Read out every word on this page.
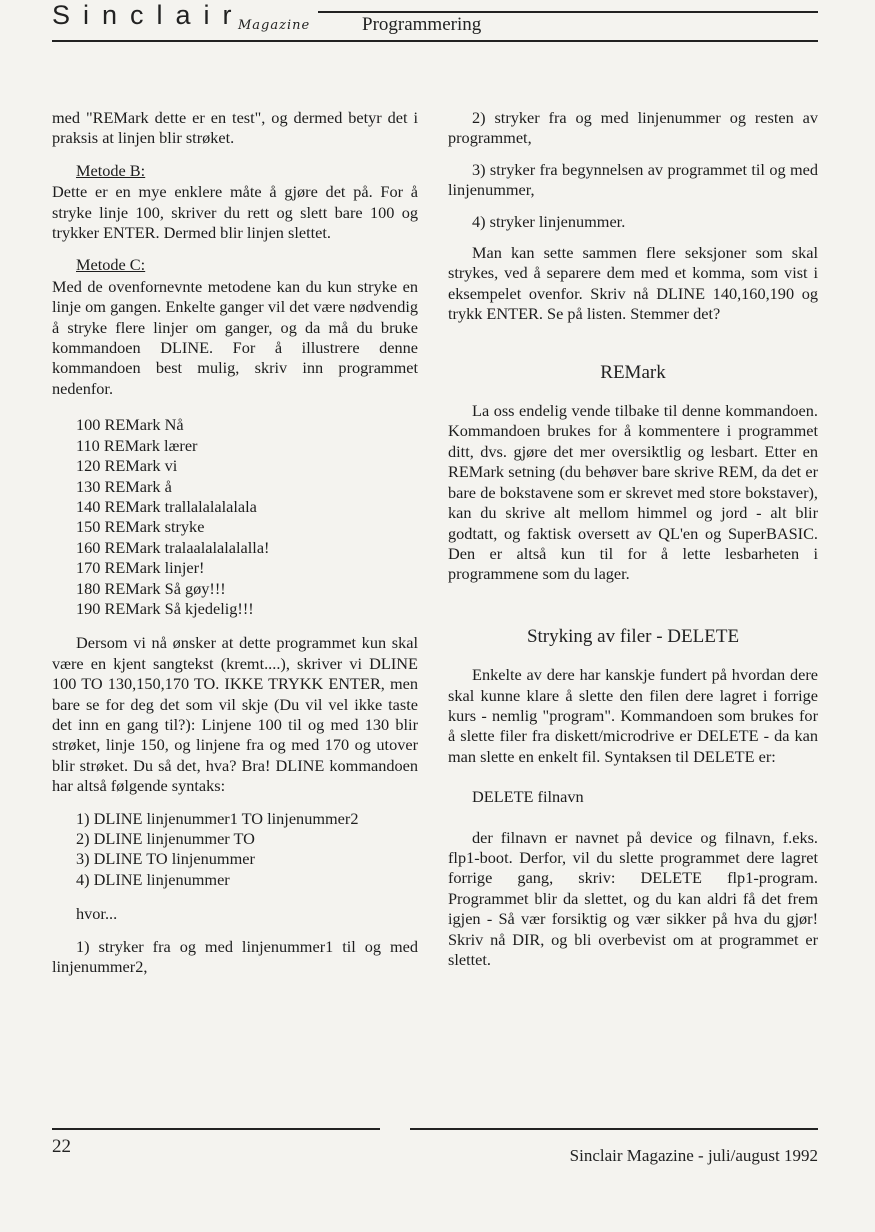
Sinclair
Magazine	Programmering

med "REMark dette er en test", og dermed betyr det i praksis at linjen blir strøket.

Metode B:

Dette er en mye enklere måte å gjøre det på. For å stryke linje 100, skriver du rett og slett bare 100 og trykker ENTER. Dermed blir linjen slettet.

Metode C:

Med de ovenfornevnte metodene kan du kun stryke en linje om gangen. Enkelte ganger vil det være nødvendig å stryke flere linjer om ganger, og da må du bruke kommandoen DLINE. For å illustrere denne kommandoen best mulig, skriv inn programmet nedenfor.

100 REMark Nå
110 REMark lærer
120 REMark vi
130 REMark å
140 REMark trallalalalalala
150 REMark stryke
160 REMark tralaalalalalalla!
170 REMark linjer!
180 REMark Så gøy!!!
190 REMark Så kjedelig!!!

Dersom vi nå ønsker at dette programmet kun skal være en kjent sangtekst (kremt....), skriver vi DLINE 100 TO 130,150,170 TO. IKKE TRYKK ENTER, men bare se for deg det som vil skje (Du vil vel ikke taste det inn en gang til?): Linjene 100 til og med 130 blir strøket, linje 150, og linjene fra og med 170 og utover blir strøket. Du så det, hva? Bra! DLINE kommandoen har altså følgende syntaks:

1) DLINE linjenummer1 TO linjenummer2
2) DLINE linjenummer TO
3) DLINE TO linjenummer
4) DLINE linjenummer
hvor...

1) stryker fra og med linjenummer1 til og med linjenummer2,

2) stryker fra og med linjenummer og resten av programmet,

3) stryker fra begynnelsen av programmet til og med linjenummer,

4) stryker linjenummer.

Man kan sette sammen flere seksjoner som skal strykes, ved å separere dem med et komma, som vist i eksempelet ovenfor. Skriv nå DLINE 140,160,190 og trykk ENTER. Se på listen. Stemmer det?

REMark

La oss endelig vende tilbake til denne kommandoen. Kommandoen brukes for å kommentere i programmet ditt, dvs. gjøre det mer oversiktlig og lesbart. Etter en REMark setning (du behøver bare skrive REM, da det er bare de bokstavene som er skrevet med store bokstaver), kan du skrive alt mellom himmel og jord - alt blir godtatt, og faktisk oversett av QL'en og SuperBASIC. Den er altså kun til for å lette lesbarheten i programmene som du lager.

Stryking av filer - DELETE

Enkelte av dere har kanskje fundert på hvordan dere skal kunne klare å slette den filen dere lagret i forrige kurs - nemlig "program". Kommandoen som brukes for å slette filer fra diskett/microdrive er DELETE - da kan man slette en enkelt fil. Syntaksen til DELETE er:

DELETE filnavn

der filnavn er navnet på device og filnavn, f.eks. flp1-boot. Derfor, vil du slette programmet dere lagret forrige gang, skriv: DELETE flp1-program. Programmet blir da slettet, og du kan aldri få det frem igjen - Så vær forsiktig og vær sikker på hva du gjør! Skriv nå DIR, og bli overbevist om at programmet er slettet.

22	Sinclair Magazine - juli/august 1992
